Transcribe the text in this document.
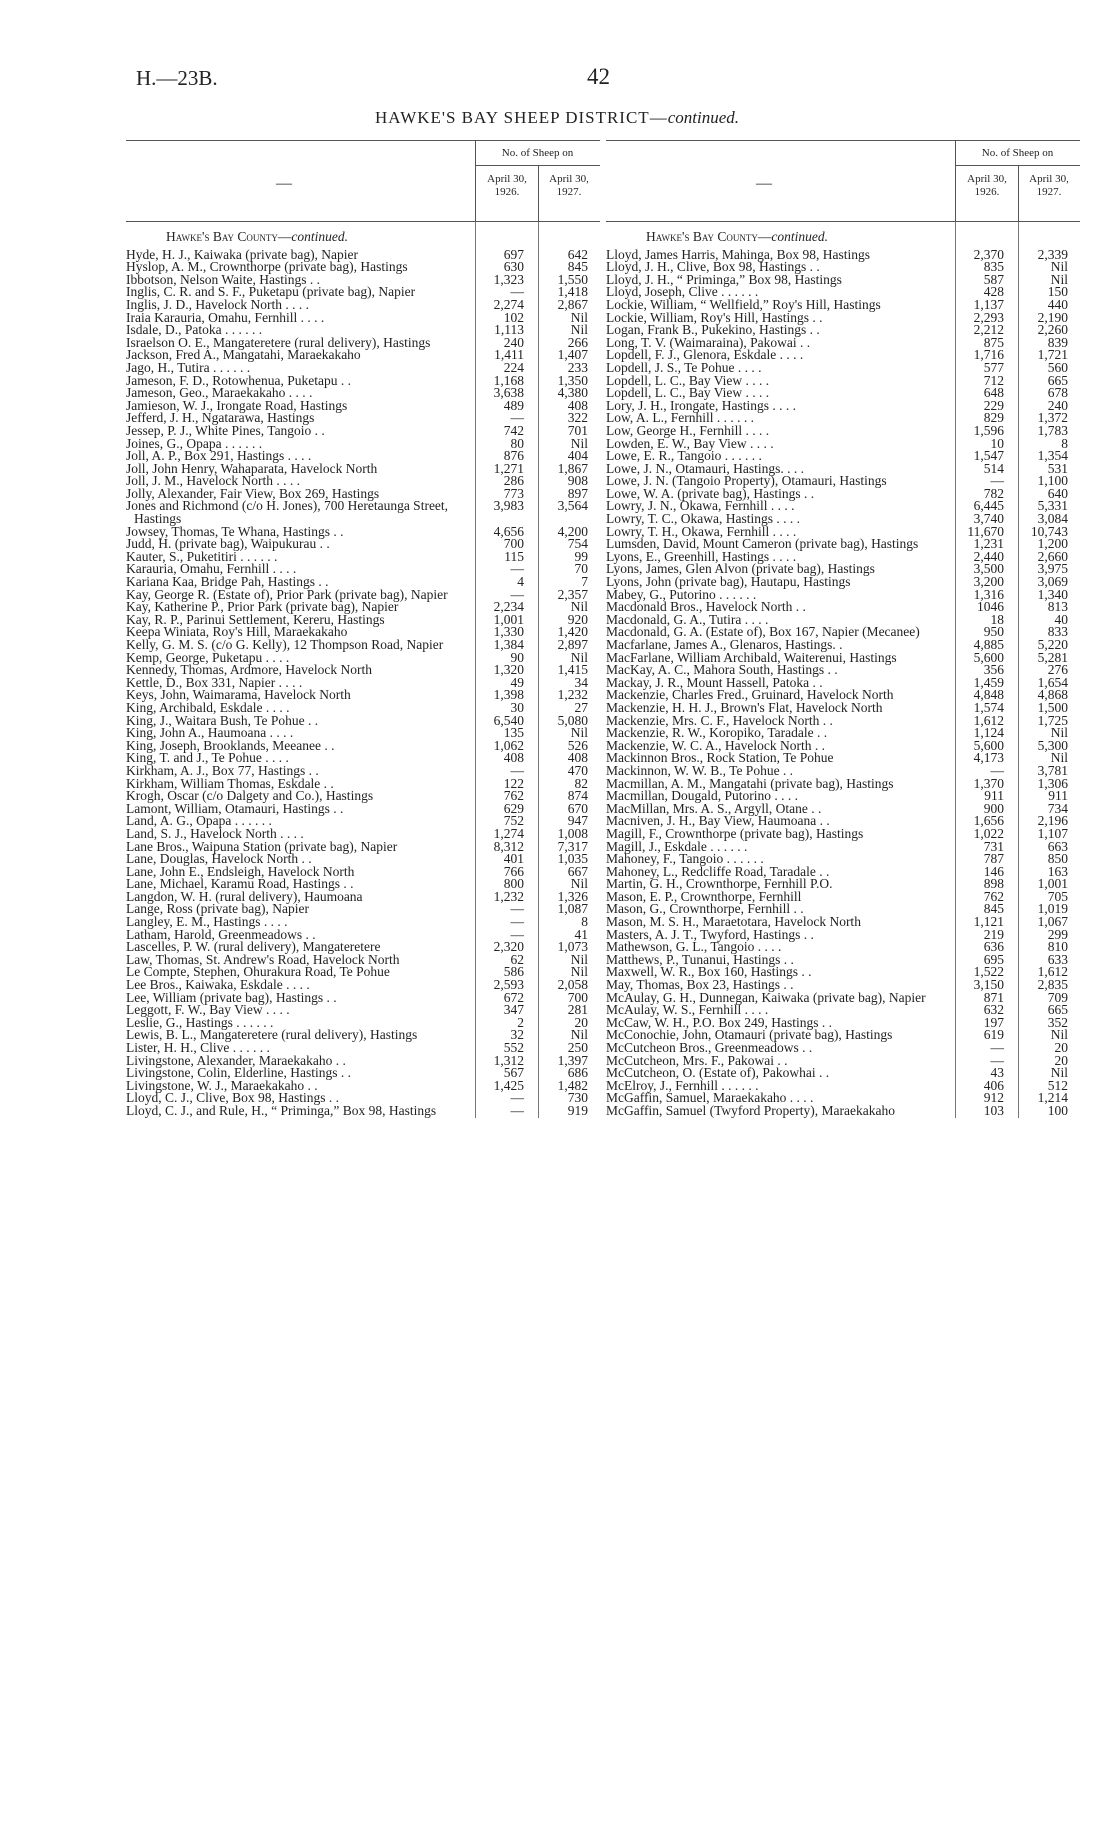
H.—23B.	42
HAWKE'S BAY SHEEP DISTRICT—continued.
—
No. of Sheep on
April 30,
1926.
April 30,
1927.
Hawke's Bay County—continued.
Hyde, H. J., Kaiwaka (private bag), Napier	697	642
Hyslop, A. M., Crownthorpe (private bag), Hastings	630	845
Ibbotson, Nelson Waite, Hastings . .	1,323	1,550
Inglis, C. R. and S. F., Puketapu (private bag), Napier	—	1,418
Inglis, J. D., Havelock North . . . .	2,274	2,867
Iraia Karauria, Omahu, Fernhill . . . .	102	Nil
Isdale, D., Patoka . . . . . .	1,113	Nil
Israelson O. E., Mangateretere (rural delivery), Hastings	240	266
Jackson, Fred A., Mangatahi, Maraekakaho	1,411	1,407
Jago, H., Tutira . . . . . .	224	233
Jameson, F. D., Rotowhenua, Puketapu . .	1,168	1,350
Jameson, Geo., Maraekakaho . . . .	3,638	4,380
Jamieson, W. J., Irongate Road, Hastings	489	408
Jefferd, J. H., Ngatarawa, Hastings	—	322
Jessep, P. J., White Pines, Tangoio . .	742	701
Joines, G., Opapa . . . . . .	80	Nil
Joll, A. P., Box 291, Hastings . . . .	876	404
Joll, John Henry, Wahaparata, Havelock North	1,271	1,867
Joll, J. M., Havelock North . . . .	286	908
Jolly, Alexander, Fair View, Box 269, Hastings	773	897
Jones and Richmond (c/o H. Jones), 700 Heretaunga Street, Hastings
3,983	3,564
Jowsey, Thomas, Te Whana, Hastings . .	4,656	4,200
Judd, H. (private bag), Waipukurau . .	700	754
Kauter, S., Puketitiri . . . . . .	115	99
Karauria, Omahu, Fernhill . . . .	—	70
Kariana Kaa, Bridge Pah, Hastings . .	4	7
Kay, George R. (Estate of), Prior Park (private bag), Napier	—	2,357
Kay, Katherine P., Prior Park (private bag), Napier	2,234	Nil
Kay, R. P., Parinui Settlement, Kereru, Hastings	1,001	920
Keepa Winiata, Roy's Hill, Maraekakaho	1,330	1,420
Kelly, G. M. S. (c/o G. Kelly), 12 Thompson Road, Napier	1,384	2,897
Kemp, George, Puketapu . . . .	90	Nil
Kennedy, Thomas, Ardmore, Havelock North	1,320	1,415
Kettle, D., Box 331, Napier . . . .	49	34
Keys, John, Waimarama, Havelock North	1,398	1,232
King, Archibald, Eskdale . . . .	30	27
King, J., Waitara Bush, Te Pohue . .	6,540	5,080
King, John A., Haumoana . . . .	135	Nil
King, Joseph, Brooklands, Meeanee . .	1,062	526
King, T. and J., Te Pohue . . . .	408	408
Kirkham, A. J., Box 77, Hastings . .	—	470
Kirkham, William Thomas, Eskdale . .	122	82
Krogh, Oscar (c/o Dalgety and Co.), Hastings	762	874
Lamont, William, Otamauri, Hastings . .	629	670
Land, A. G., Opapa . . . . . .	752	947
Land, S. J., Havelock North . . . .	1,274	1,008
Lane Bros., Waipuna Station (private bag), Napier	8,312	7,317
Lane, Douglas, Havelock North . .	401	1,035
Lane, John E., Endsleigh, Havelock North	766	667
Lane, Michael, Karamu Road, Hastings . .	800	Nil
Langdon, W. H. (rural delivery), Haumoana	1,232	1,326
Lange, Ross (private bag), Napier	—	1,087
Langley, E. M., Hastings . . . .	—	8
Latham, Harold, Greenmeadows . .	—	41
Lascelles, P. W. (rural delivery), Mangateretere	2,320	1,073
Law, Thomas, St. Andrew's Road, Havelock North	62	Nil
Le Compte, Stephen, Ohurakura Road, Te Pohue	586	Nil
Lee Bros., Kaiwaka, Eskdale . . . .	2,593	2,058
Lee, William (private bag), Hastings . .	672	700
Leggott, F. W., Bay View . . . .	347	281
Leslie, G., Hastings . . . . . .	2	20
Lewis, B. L., Mangateretere (rural delivery), Hastings	32	Nil
Lister, H. H., Clive . . . . . .	552	250
Livingstone, Alexander, Maraekakaho . .	1,312	1,397
Livingstone, Colin, Elderline, Hastings . .	567	686
Livingstone, W. J., Maraekakaho . .	1,425	1,482
Lloyd, C. J., Clive, Box 98, Hastings . .	—	730
Lloyd, C. J., and Rule, H., “ Priminga,” Box 98, Hastings	—	919
—
No. of Sheep on
April 30,
1926.
April 30,
1927.
Hawke's Bay County—continued.
Lloyd, James Harris, Mahinga, Box 98, Hastings	2,370	2,339
Lloyd, J. H., Clive, Box 98, Hastings . .	835	Nil
Lloyd, J. H., “ Priminga,” Box 98, Hastings	587	Nil
Lloyd, Joseph, Clive . . . . . .	428	150
Lockie, William, “ Wellfield,” Roy's Hill, Hastings	1,137	440
Lockie, William, Roy's Hill, Hastings . .	2,293	2,190
Logan, Frank B., Pukekino, Hastings . .	2,212	2,260
Long, T. V. (Waimaraina), Pakowai . .	875	839
Lopdell, F. J., Glenora, Eskdale . . . .	1,716	1,721
Lopdell, J. S., Te Pohue . . . .	577	560
Lopdell, L. C., Bay View . . . .	712	665
Lopdell, L. C., Bay View . . . .	648	678
Lory, J. H., Irongate, Hastings . . . .	229	240
Low, A. L., Fernhill . . . . . .	829	1,372
Low, George H., Fernhill . . . .	1,596	1,783
Lowden, E. W., Bay View . . . .	10	8
Lowe, E. R., Tangoio . . . . . .	1,547	1,354
Lowe, J. N., Otamauri, Hastings. . . .	514	531
Lowe, J. N. (Tangoio Property), Otamauri, Hastings	—	1,100
Lowe, W. A. (private bag), Hastings . .	782	640
Lowry, J. N., Okawa, Fernhill . . . .	6,445	5,331
Lowry, T. C., Okawa, Hastings . . . .	3,740	3,084
Lowry, T. H., Okawa, Fernhill . . . .	11,670	10,743
Lumsden, David, Mount Cameron (private bag), Hastings	1,231	1,200
Lyons, E., Greenhill, Hastings . . . .	2,440	2,660
Lyons, James, Glen Alvon (private bag), Hastings	3,500	3,975
Lyons, John (private bag), Hautapu, Hastings	3,200	3,069
Mabey, G., Putorino . . . . . .	1,316	1,340
Macdonald Bros., Havelock North . .	1046	813
Macdonald, G. A., Tutira . . . .	18	40
Macdonald, G. A. (Estate of), Box 167, Napier (Mecanee)	950	833
Macfarlane, James A., Glenaros, Hastings. .	4,885	5,220
MacFarlane, William Archibald, Waiterenui, Hastings	5,600	5,281
MacKay, A. C., Mahora South, Hastings . .	356	276
Mackay, J. R., Mount Hassell, Patoka . .	1,459	1,654
Mackenzie, Charles Fred., Gruinard, Havelock North	4,848	4,868
Mackenzie, H. H. J., Brown's Flat, Havelock North	1,574	1,500
Mackenzie, Mrs. C. F., Havelock North . .	1,612	1,725
Mackenzie, R. W., Koropiko, Taradale . .	1,124	Nil
Mackenzie, W. C. A., Havelock North . .	5,600	5,300
Mackinnon Bros., Rock Station, Te Pohue	4,173	Nil
Mackinnon, W. W. B., Te Pohue . .	—	3,781
Macmillan, A. M., Mangatahi (private bag), Hastings	1,370	1,306
Macmillan, Dougald, Putorino . . . .	911	911
MacMillan, Mrs. A. S., Argyll, Otane . .	900	734
Macniven, J. H., Bay View, Haumoana . .	1,656	2,196
Magill, F., Crownthorpe (private bag), Hastings	1,022	1,107
Magill, J., Eskdale . . . . . .	731	663
Mahoney, F., Tangoio . . . . . .	787	850
Mahoney, L., Redcliffe Road, Taradale . .	146	163
Martin, G. H., Crownthorpe, Fernhill P.O.	898	1,001
Mason, E. P., Crownthorpe, Fernhill	762	705
Mason, G., Crownthorpe, Fernhill . .	845	1,019
Mason, M. S. H., Maraetotara, Havelock North	1,121	1,067
Masters, A. J. T., Twyford, Hastings . .	219	299
Mathewson, G. L., Tangoio . . . .	636	810
Matthews, P., Tunanui, Hastings . .	695	633
Maxwell, W. R., Box 160, Hastings . .	1,522	1,612
May, Thomas, Box 23, Hastings . .	3,150	2,835
McAulay, G. H., Dunnegan, Kaiwaka (private bag), Napier	871	709
McAulay, W. S., Fernhill . . . .	632	665
McCaw, W. H., P.O. Box 249, Hastings . .	197	352
McConochie, John, Otamauri (private bag), Hastings	619	Nil
McCutcheon Bros., Greenmeadows . .	—	20
McCutcheon, Mrs. F., Pakowai . .	—	20
McCutcheon, O. (Estate of), Pakowhai . .	43	Nil
McElroy, J., Fernhill . . . . . .	406	512
McGaffin, Samuel, Maraekakaho . . . .	912	1,214
McGaffin, Samuel (Twyford Property), Maraekakaho	103	100
